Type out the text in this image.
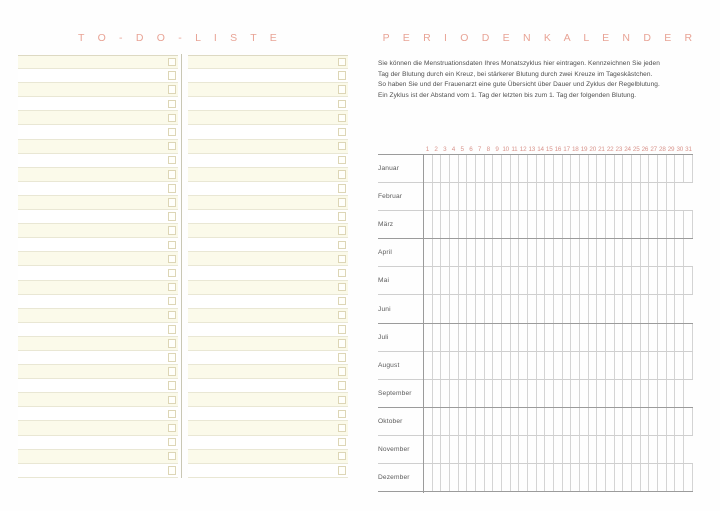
T O - D O - L I S T E	P E R I O D E N K A L E N D E R

Sie können die Menstruationsdaten Ihres Monatszyklus hier eintragen. Kennzeichnen Sie jeden

Tag der Blutung durch ein Kreuz, bei stärkerer Blutung durch zwei Kreuze im Tageskästchen.

So haben Sie und der Frauenarzt eine gute Übersicht über Dauer und Zyklus der Regelblutung.

Ein Zyklus ist der Abstand vom 1. Tag der letzten bis zum 1. Tag der folgenden Blutung.

1 2 3 4 5 6 7 8 9 10 11 12 13 14 15 16 17 18 19 20 21 22 23 24 25 26 27 28 29 30 31
Januar
Februar
März
April
Mai
Juni
Juli
August
September
Oktober
November
Dezember
